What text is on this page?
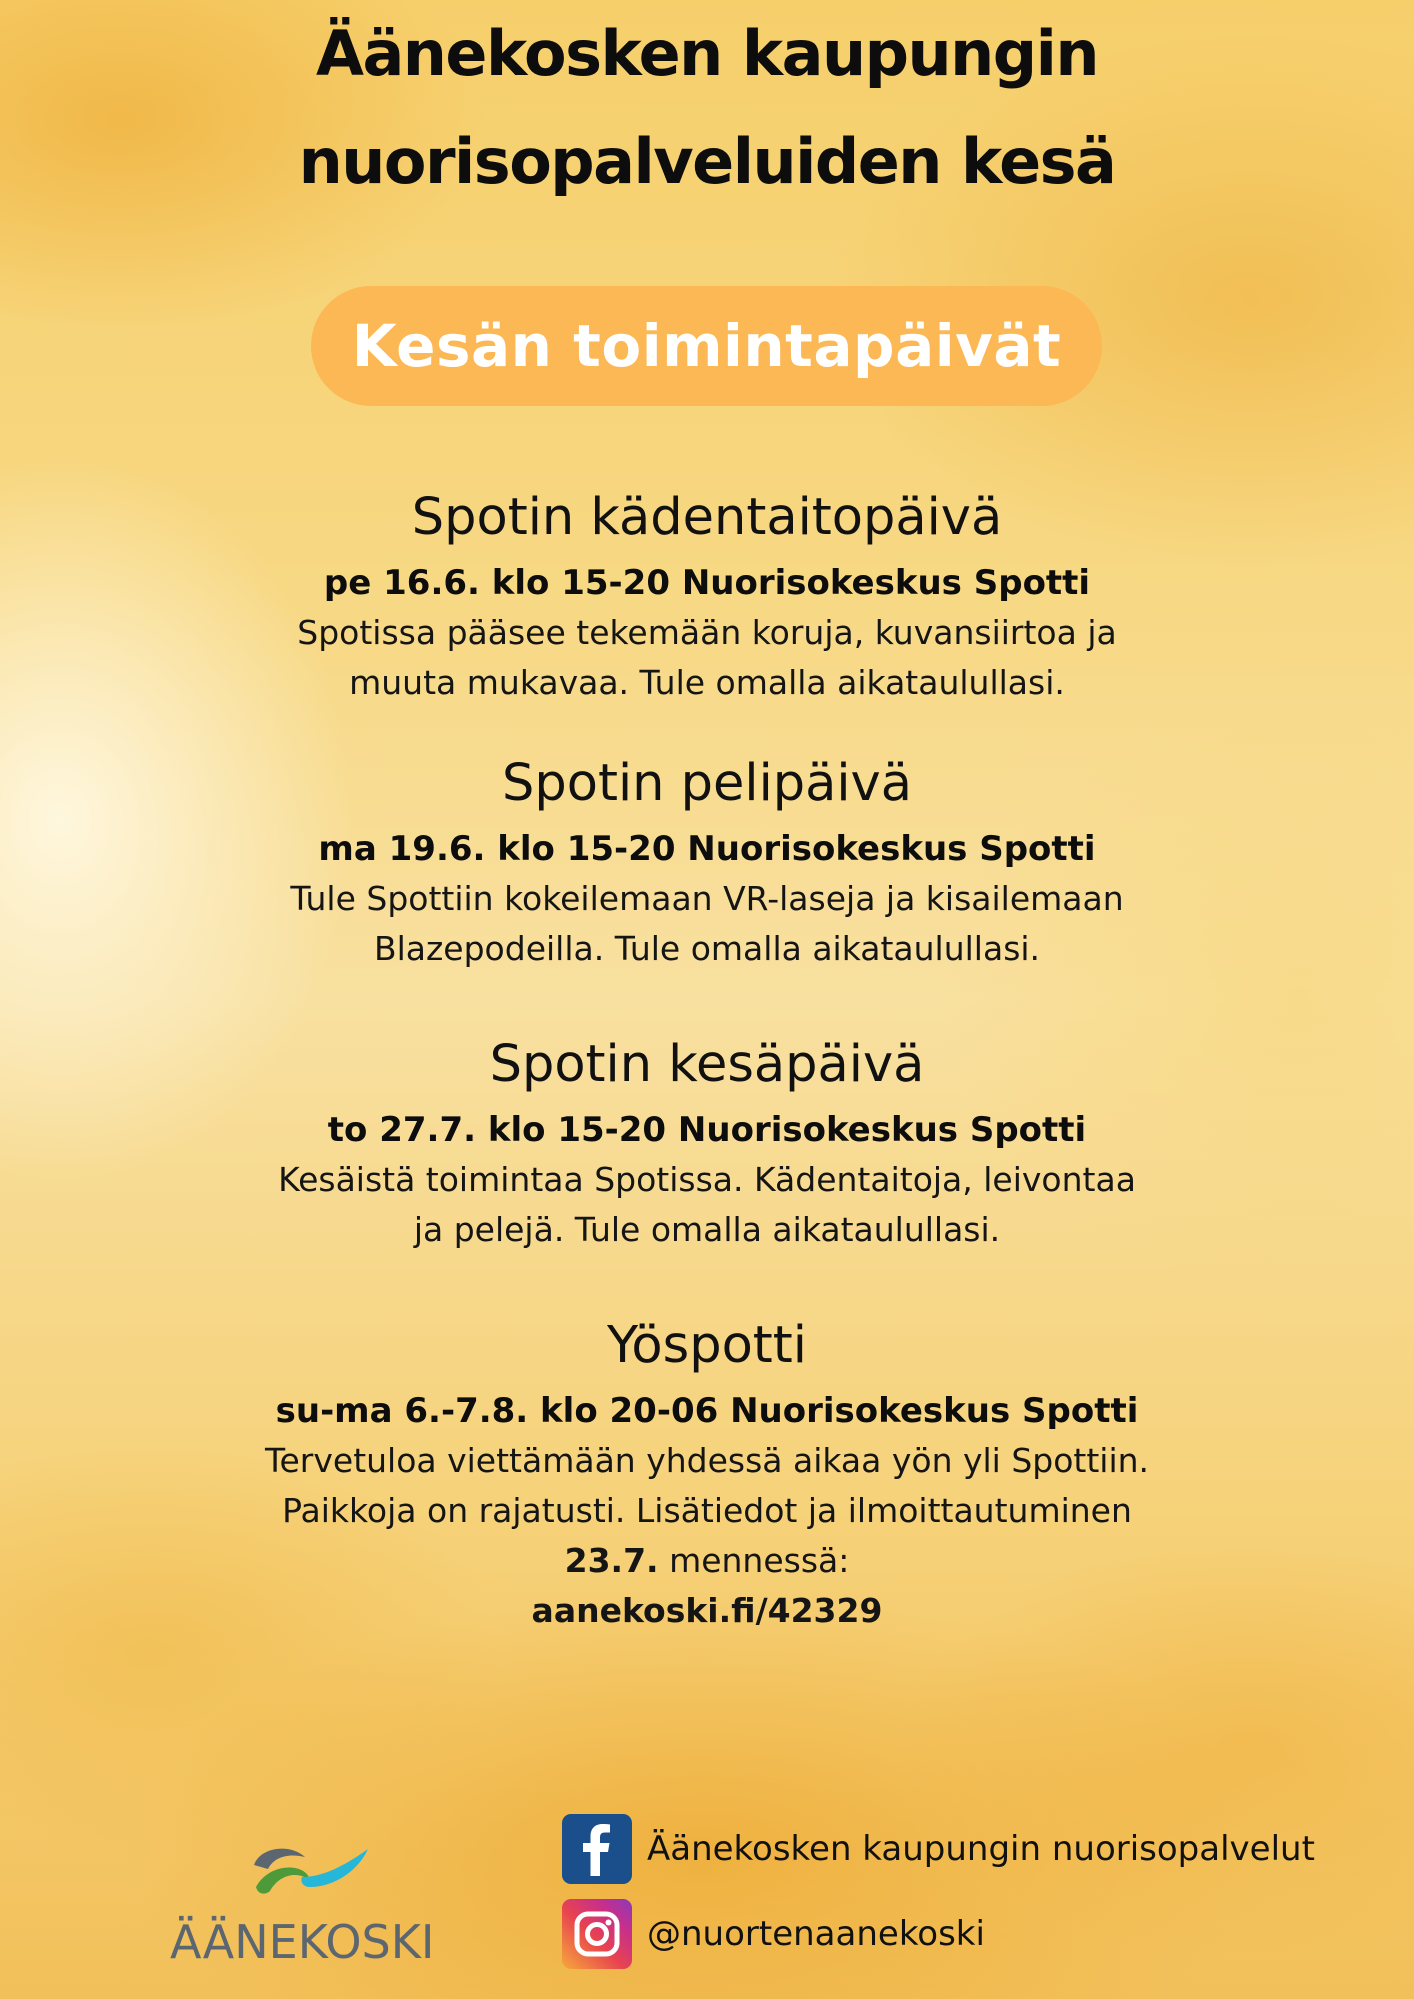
Äänekosken kaupungin
nuorisopalveluiden kesä
Kesän toimintapäivät
Spotin kädentaitopäivä
pe 16.6. klo 15-20 Nuorisokeskus Spotti
Spotissa pääsee tekemään koruja, kuvansiirtoa ja
muuta mukavaa. Tule omalla aikataulullasi.
Spotin pelipäivä
ma 19.6. klo 15-20 Nuorisokeskus Spotti
Tule Spottiin kokeilemaan VR-laseja ja kisailemaan
Blazepodeilla. Tule omalla aikataulullasi.
Spotin kesäpäivä
to 27.7. klo 15-20 Nuorisokeskus Spotti
Kesäistä toimintaa Spotissa. Kädentaitoja, leivontaa
ja pelejä. Tule omalla aikataulullasi.
Yöspotti
su-ma 6.-7.8. klo 20-06 Nuorisokeskus Spotti
Tervetuloa viettämään yhdessä aikaa yön yli Spottiin.
Paikkoja on rajatusti. Lisätiedot ja ilmoittautuminen
23.7. mennessä:
aanekoski.fi/42329
ÄÄNEKOSKI
Äänekosken kaupungin nuorisopalvelut
@nuortenaanekoski
